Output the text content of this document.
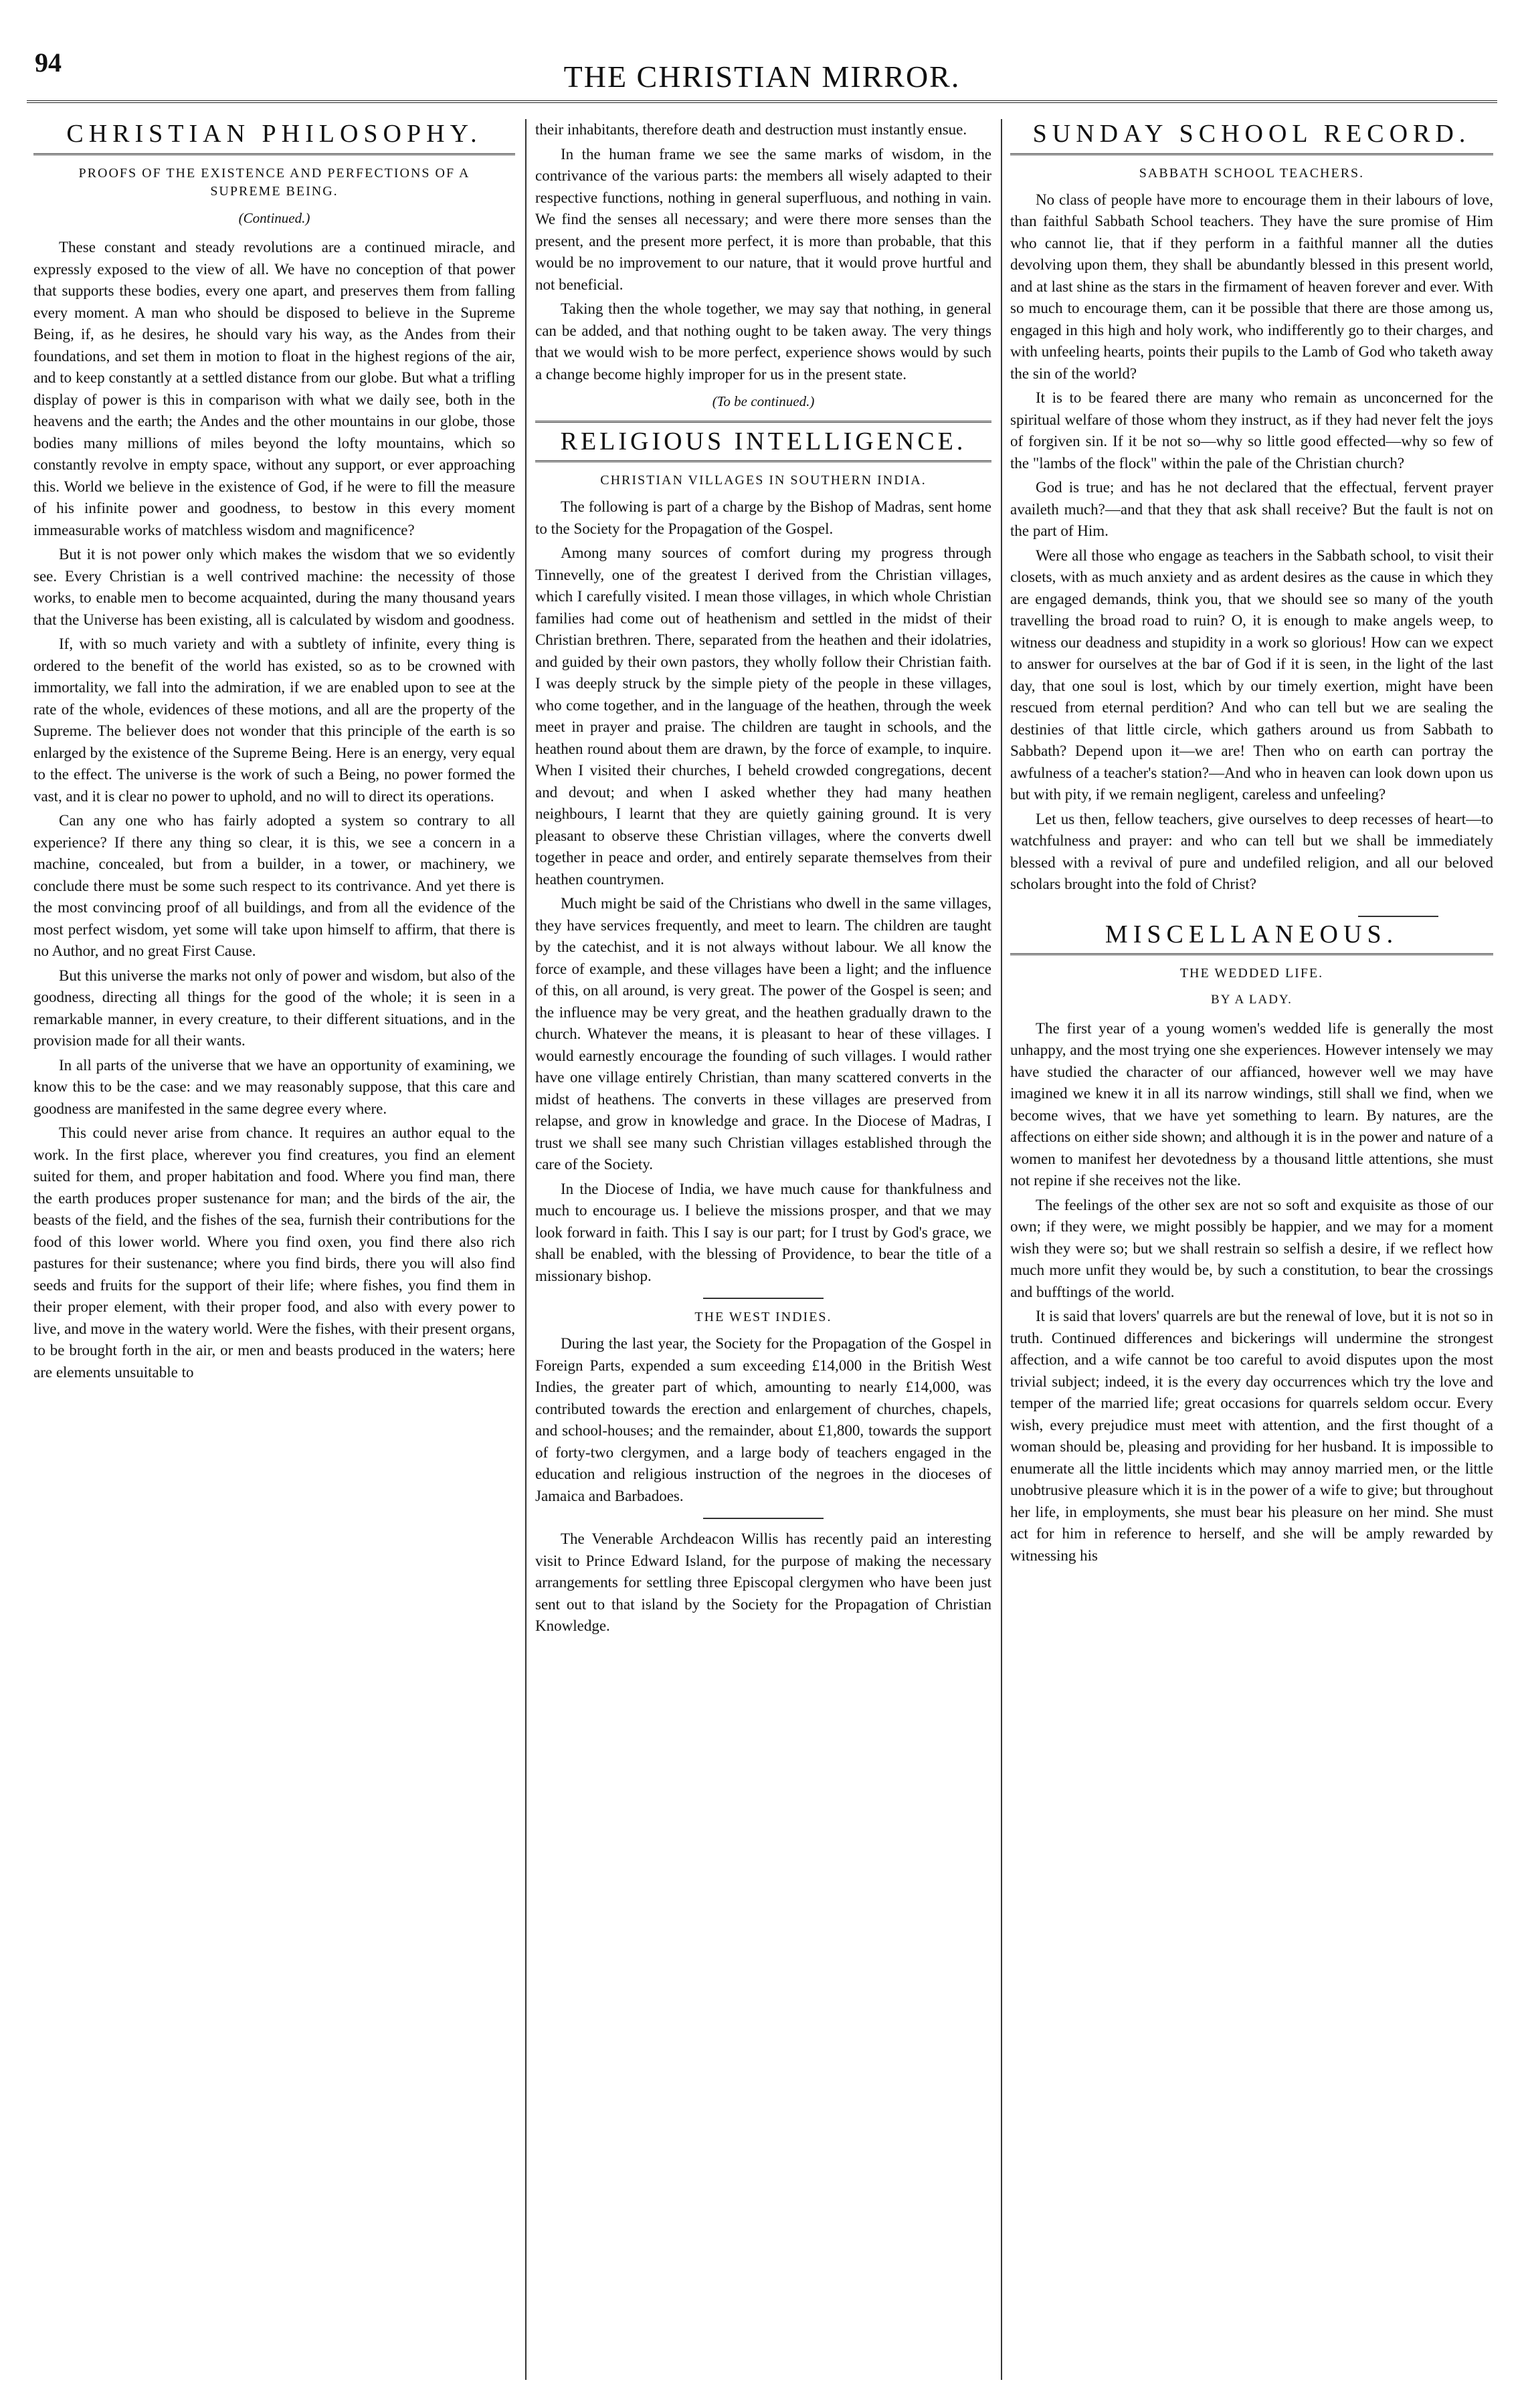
94	THE CHRISTIAN MIRROR.
CHRISTIAN PHILOSOPHY.
PROOFS OF THE EXISTENCE AND PERFECTIONS OF A SUPREME BEING.
(Continued.)

These constant and steady revolutions are a continued miracle, and expressly exposed to the view of all. We have no conception of that power that supports these bodies, every one apart, and preserves them from falling every moment. A man who should be disposed to believe in the Supreme Being, if, as he desires, he should vary his way, as the Andes from their foundations, and set them in motion to float in the highest regions of the air, and to keep constantly at a settled distance from our globe. But what a trifling display of power is this in comparison with what we daily see, both in the heavens and the earth; the Andes and the other mountains in our globe, those bodies many millions of miles beyond the lofty mountains, which so constantly revolve in empty space, without any support, or ever approaching this. World we believe in the existence of God, if he were to fill the measure of his infinite power and goodness, to bestow in this every moment immeasurable works of matchless wisdom and magnificence?

But it is not power only which makes the wisdom that we so evidently see. Every Christian is a well contrived machine: the necessity of those works, to enable men to become acquainted, during the many thousand years that the Universe has been existing, all is calculated by wisdom and goodness.

If, with so much variety and with a subtlety of infinite, every thing is ordered to the benefit of the world has existed, so as to be crowned with immortality, we fall into the admiration, if we are enabled upon to see at the rate of the whole, evidences of these motions, and all are the property of the Supreme. The believer does not wonder that this principle of the earth is so enlarged by the existence of the Supreme Being. Here is an energy, very equal to the effect. The universe is the work of such a Being, no power formed the vast, and it is clear no power to uphold, and no will to direct its operations.

Can any one who has fairly adopted a system so contrary to all experience? If there any thing so clear, it is this, we see a concern in a machine, concealed, but from a builder, in a tower, or machinery, we conclude there must be some such respect to its contrivance. And yet there is the most convincing proof of all buildings, and from all the evidence of the most perfect wisdom, yet some will take upon himself to affirm, that there is no Author, and no great First Cause.

But this universe the marks not only of power and wisdom, but also of the goodness, directing all things for the good of the whole; it is seen in a remarkable manner, in every creature, to their different situations, and in the provision made for all their wants.

In all parts of the universe that we have an opportunity of examining, we know this to be the case: and we may reasonably suppose, that this care and goodness are manifested in the same degree every where.

This could never arise from chance. It requires an author equal to the work. In the first place, wherever you find creatures, you find an element suited for them, and proper habitation and food. Where you find man, there the earth produces proper sustenance for man; and the birds of the air, the beasts of the field, and the fishes of the sea, furnish their contributions for the food of this lower world. Where you find oxen, you find there also rich pastures for their sustenance; where you find birds, there you will also find seeds and fruits for the support of their life; where fishes, you find them in their proper element, with their proper food, and also with every power to live, and move in the watery world. Were the fishes, with their present organs, to be brought forth in the air, or men and beasts produced in the waters; here are elements unsuitable to

their inhabitants, therefore death and destruction must instantly ensue.

In the human frame we see the same marks of wisdom, in the contrivance of the various parts: the members all wisely adapted to their respective functions, nothing in general superfluous, and nothing in vain. We find the senses all necessary; and were there more senses than the present, and the present more perfect, it is more than probable, that this would be no improvement to our nature, that it would prove hurtful and not beneficial.

Taking then the whole together, we may say that nothing, in general can be added, and that nothing ought to be taken away. The very things that we would wish to be more perfect, experience shows would by such a change become highly improper for us in the present state.

(To be continued.)
RELIGIOUS INTELLIGENCE.
CHRISTIAN VILLAGES IN SOUTHERN INDIA.

The following is part of a charge by the Bishop of Madras, sent home to the Society for the Propagation of the Gospel.

Among many sources of comfort during my progress through Tinnevelly, one of the greatest I derived from the Christian villages, which I carefully visited. I mean those villages, in which whole Christian families had come out of heathenism and settled in the midst of their Christian brethren. There, separated from the heathen and their idolatries, and guided by their own pastors, they wholly follow their Christian faith. I was deeply struck by the simple piety of the people in these villages, who come together, and in the language of the heathen, through the week meet in prayer and praise. The children are taught in schools, and the heathen round about them are drawn, by the force of example, to inquire. When I visited their churches, I beheld crowded congregations, decent and devout; and when I asked whether they had many heathen neighbours, I learnt that they are quietly gaining ground. It is very pleasant to observe these Christian villages, where the converts dwell together in peace and order, and entirely separate themselves from their heathen countrymen.

Much might be said of the Christians who dwell in the same villages, they have services frequently, and meet to learn. The children are taught by the catechist, and it is not always without labour. We all know the force of example, and these villages have been a light; and the influence of this, on all around, is very great. The power of the Gospel is seen; and the influence may be very great, and the heathen gradually drawn to the church. Whatever the means, it is pleasant to hear of these villages. I would earnestly encourage the founding of such villages. I would rather have one village entirely Christian, than many scattered converts in the midst of heathens. The converts in these villages are preserved from relapse, and grow in knowledge and grace. In the Diocese of Madras, I trust we shall see many such Christian villages established through the care of the Society.

In the Diocese of India, we have much cause for thankfulness and much to encourage us. I believe the missions prosper, and that we may look forward in faith. This I say is our part; for I trust by God's grace, we shall be enabled, with the blessing of Providence, to bear the title of a missionary bishop.

THE WEST INDIES.

During the last year, the Society for the Propagation of the Gospel in Foreign Parts, expended a sum exceeding £14,000 in the British West Indies, the greater part of which, amounting to nearly £14,000, was contributed towards the erection and enlargement of churches, chapels, and school-houses; and the remainder, about £1,800, towards the support of forty-two clergymen, and a large body of teachers engaged in the education and religious instruction of the negroes in the dioceses of Jamaica and Barbadoes.

The Venerable Archdeacon Willis has recently paid an interesting visit to Prince Edward Island, for the purpose of making the necessary arrangements for settling three Episcopal clergymen who have been just sent out to that island by the Society for the Propagation of Christian Knowledge.

SUNDAY SCHOOL RECORD.
SABBATH SCHOOL TEACHERS.

No class of people have more to encourage them in their labours of love, than faithful Sabbath School teachers. They have the sure promise of Him who cannot lie, that if they perform in a faithful manner all the duties devolving upon them, they shall be abundantly blessed in this present world, and at last shine as the stars in the firmament of heaven forever and ever. With so much to encourage them, can it be possible that there are those among us, engaged in this high and holy work, who indifferently go to their charges, and with unfeeling hearts, points their pupils to the Lamb of God who taketh away the sin of the world?

It is to be feared there are many who remain as unconcerned for the spiritual welfare of those whom they instruct, as if they had never felt the joys of forgiven sin. If it be not so—why so little good effected—why so few of the "lambs of the flock" within the pale of the Christian church?

God is true; and has he not declared that the effectual, fervent prayer availeth much?—and that they that ask shall receive? But the fault is not on the part of Him.

Were all those who engage as teachers in the Sabbath school, to visit their closets, with as much anxiety and as ardent desires as the cause in which they are engaged demands, think you, that we should see so many of the youth travelling the broad road to ruin? O, it is enough to make angels weep, to witness our deadness and stupidity in a work so glorious! How can we expect to answer for ourselves at the bar of God if it is seen, in the light of the last day, that one soul is lost, which by our timely exertion, might have been rescued from eternal perdition? And who can tell but we are sealing the destinies of that little circle, which gathers around us from Sabbath to Sabbath? Depend upon it—we are! Then who on earth can portray the awfulness of a teacher's station?—And who in heaven can look down upon us but with pity, if we remain negligent, careless and unfeeling?

Let us then, fellow teachers, give ourselves to deep recesses of heart—to watchfulness and prayer: and who can tell but we shall be immediately blessed with a revival of pure and undefiled religion, and all our beloved scholars brought into the fold of Christ?

MISCELLANEOUS.
THE WEDDED LIFE.
BY A LADY.

The first year of a young women's wedded life is generally the most unhappy, and the most trying one she experiences. However intensely we may have studied the character of our affianced, however well we may have imagined we knew it in all its narrow windings, still shall we find, when we become wives, that we have yet something to learn. By natures, are the affections on either side shown; and although it is in the power and nature of a women to manifest her devotedness by a thousand little attentions, she must not repine if she receives not the like.

The feelings of the other sex are not so soft and exquisite as those of our own; if they were, we might possibly be happier, and we may for a moment wish they were so; but we shall restrain so selfish a desire, if we reflect how much more unfit they would be, by such a constitution, to bear the crossings and bufftings of the world.

It is said that lovers' quarrels are but the renewal of love, but it is not so in truth. Continued differences and bickerings will undermine the strongest affection, and a wife cannot be too careful to avoid disputes upon the most trivial subject; indeed, it is the every day occurrences which try the love and temper of the married life; great occasions for quarrels seldom occur. Every wish, every prejudice must meet with attention, and the first thought of a woman should be, pleasing and providing for her husband. It is impossible to enumerate all the little incidents which may annoy married men, or the little unobtrusive pleasure which it is in the power of a wife to give; but throughout her life, in employments, she must bear his pleasure on her mind. She must act for him in reference to herself, and she will be amply rewarded by witnessing his
